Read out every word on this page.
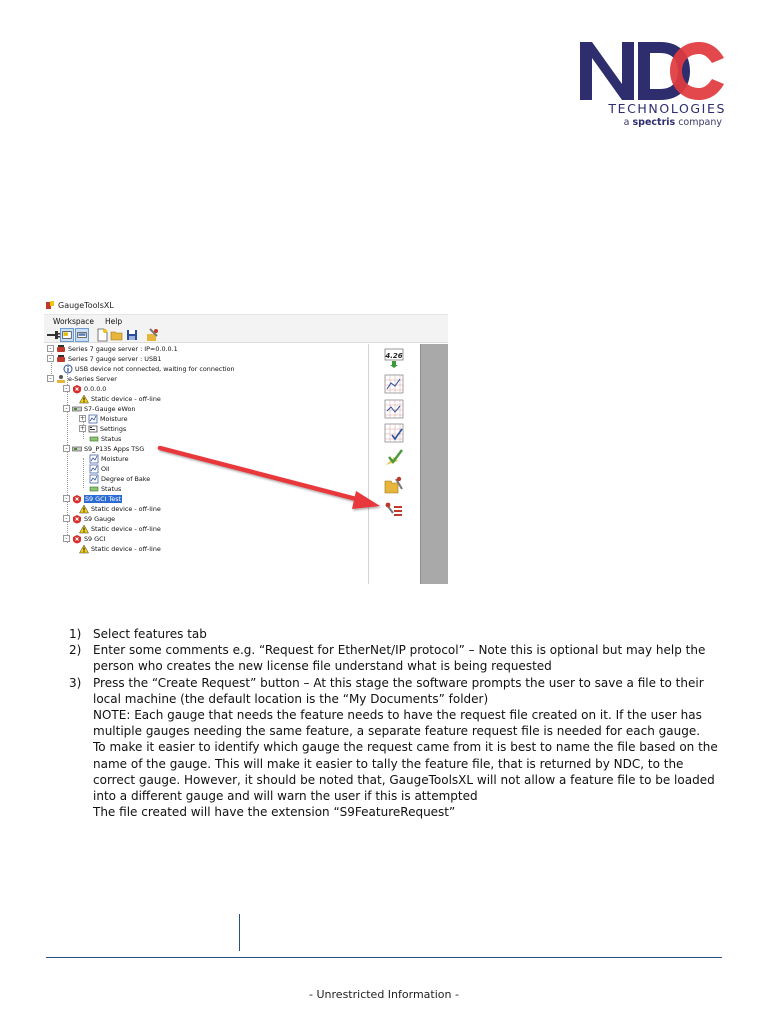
TECHNOLOGIES
a spectris company
GaugeToolsXL
Workspace Help
-	Series 7 gauge server : IP=0.0.0.1
-	Series 7 gauge server : USB1
USB device not connected, waiting for connection
-	e-Series Server
-	0.0.0.0
Static device - off-line
-	S7-Gauge eWon
+ Moisture
+ Settings
Status
-	S9_P135 Apps TSG
Moisture
Oil
Degree of Bake
Status
-	S9 GCI Test
Static device - off-line
-	S9 Gauge
Static device - off-line
-	S9 GCI
Static device - off-line
4.26
1) Select features tab

2) Enter some comments e.g. “Request for EtherNet/IP protocol” – Note this is optional but may help the person who creates the new license file understand what is being requested

3) Press the “Create Request” button – At this stage the software prompts the user to save a file to their local machine (the default location is the “My Documents” folder)

NOTE: Each gauge that needs the feature needs to have the request file created on it. If the user has multiple gauges needing the same feature, a separate feature request file is needed for each gauge.

To make it easier to identify which gauge the request came from it is best to name the file based on the name of the gauge. This will make it easier to tally the feature file, that is returned by NDC, to the correct gauge. However, it should be noted that, GaugeToolsXL will not allow a feature file to be loaded into a different gauge and will warn the user if this is attempted

The file created will have the extension “S9FeatureRequest”

- Unrestricted Information -
